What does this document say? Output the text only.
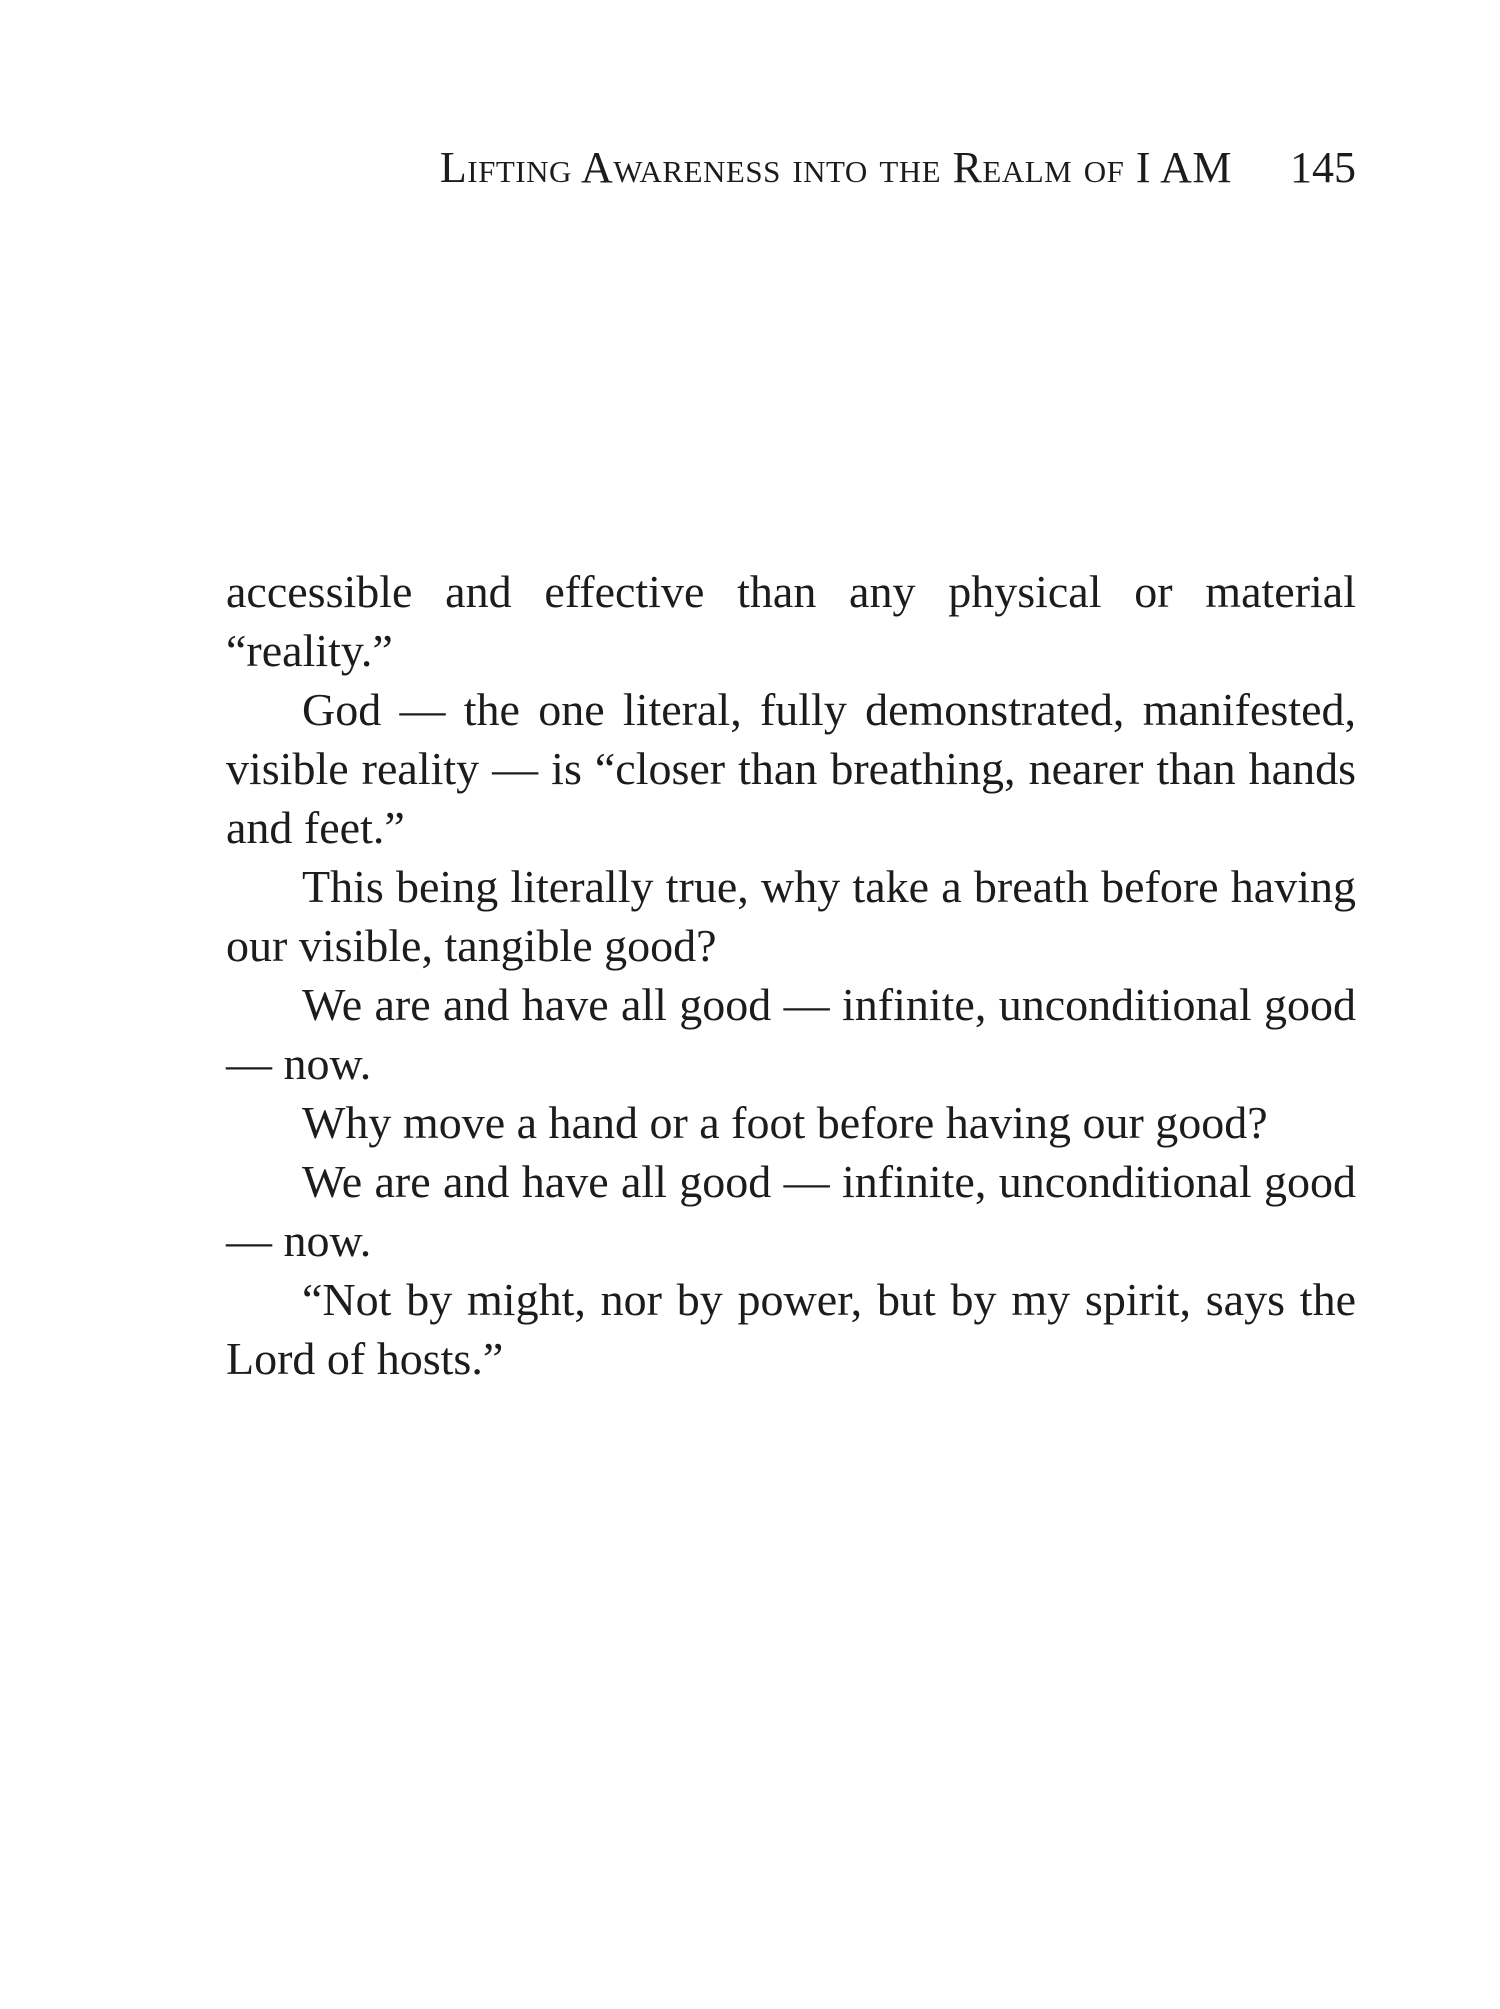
Lifting Awareness into the Realm of I AM 145

accessible and effective than any physical or material “reality.”

God — the one literal, fully demonstrated, manifested, visible reality — is “closer than breathing, nearer than hands and feet.”

This being literally true, why take a breath before having our visible, tangible good?

We are and have all good — infinite, unconditional good — now.

Why move a hand or a foot before having our good?

We are and have all good — infinite, unconditional good — now.

“Not by might, nor by power, but by my spirit, says the Lord of hosts.”
